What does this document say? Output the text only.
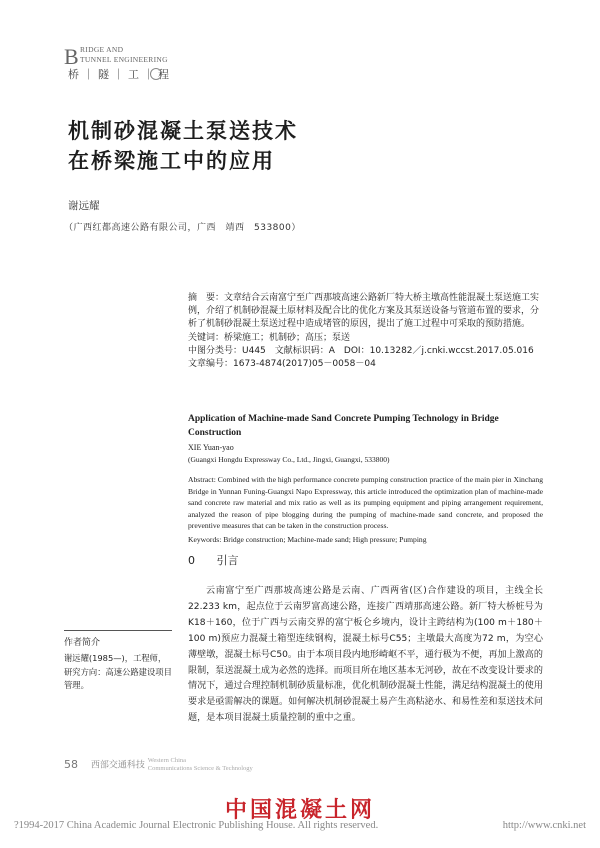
B RIDGE AND
TUNNEL ENGINEERING
桥｜隧｜工｜程
机制砂混凝土泵送技术
在桥梁施工中的应用
谢远耀
（广西红都高速公路有限公司，广西　靖西　533800）

摘　要：文章结合云南富宁至广西那坡高速公路新厂特大桥主墩高性能混凝土泵送施工实例，介绍了机制砂混凝土原材料及配合比的优化方案及其泵送设备与管道布置的要求，分析了机制砂混凝土泵送过程中造成堵管的原因，提出了施工过程中可采取的预防措施。

关键词：桥梁施工；机制砂；高压；泵送

中图分类号：U445　文献标识码：A　DOI：10.13282／j.cnki.wccst.2017.05.016

文章编号：1673-4874(2017)05－0058－04

Application of Machine-made Sand Concrete Pumping Technology in Bridge Construction

XIE Yuan-yao

(Guangxi Hongdu Expressway Co., Ltd., Jingxi, Guangxi, 533800)

Abstract: Combined with the high performance concrete pumping construction practice of the main pier in Xinchang Bridge in Yunnan Funing-Guangxi Napo Expressway, this article introduced the optimization plan of machine-made sand concrete raw material and mix ratio as well as its pumping equipment and piping arrangement requirement, analyzed the reason of pipe blogging during the pumping of machine-made sand concrete, and proposed the preventive measures that can be taken in the construction process.

Keywords: Bridge construction; Machine-made sand; High pressure; Pumping

0 引言

云南富宁至广西那坡高速公路是云南、广西两省(区)合作建设的项目，主线全长22.233 km，起点位于云南罗富高速公路，连接广西靖那高速公路。新厂特大桥桩号为K18＋160，位于广西与云南交界的富宁板仑乡境内，设计主跨结构为(100 m＋180＋100 m)预应力混凝土箱型连续钢构，混凝土标号C55；主墩最大高度为72 m，为空心薄壁墩，混凝土标号C50。由于本项目段内地形崎岖不平，通行极为不便，再加上激高的限制，泵送混凝土成为必然的选择。而项目所在地区基本无河砂，故在不改变设计要求的情况下，通过合理控制机制砂质量标准，优化机制砂混凝土性能，满足结构混凝土的使用要求是亟需解决的课题。如何解决机制砂混凝土易产生高粘泌水、和易性差和泵送技术问题，是本项目混凝土质量控制的重中之重。

作者简介

谢远耀(1985—)，工程师，研究方向：高速公路建设项目管理。

58 西部交通科技 Western China
Communications Science & Technology
中国混凝土网
?1994-2017 China Academic Journal Electronic Publishing House. All rights reserved.	http://www.cnki.net
